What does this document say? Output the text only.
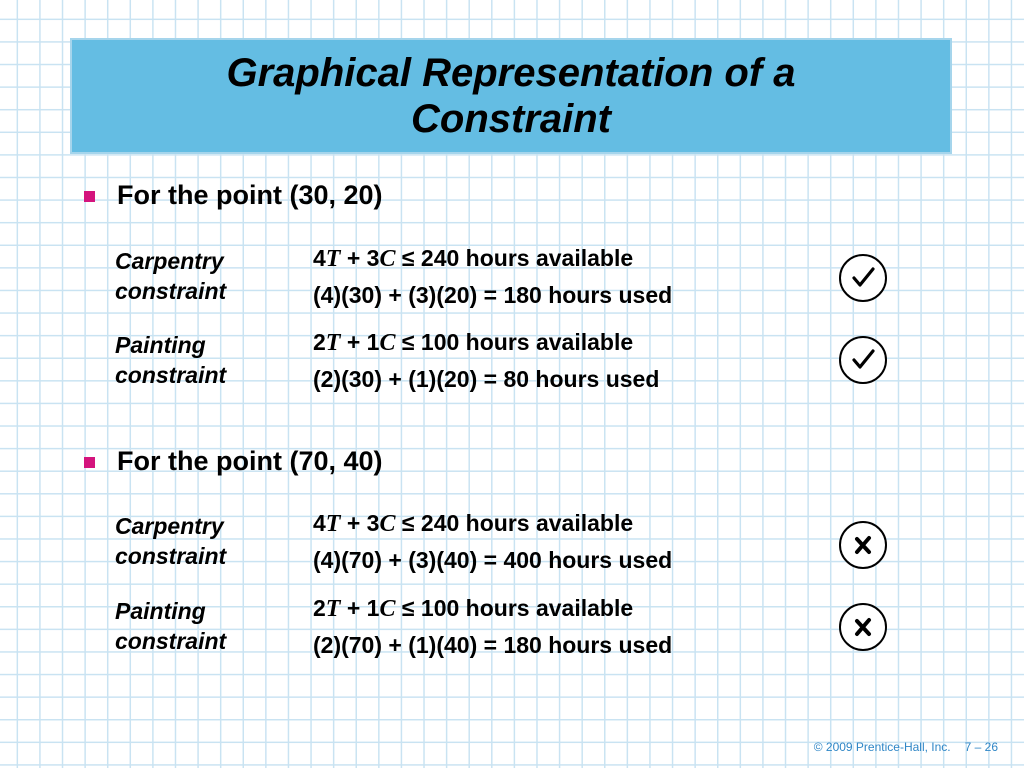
Graphical Representation of a
Constraint
For the point (30, 20)
Carpentry
constraint
4T + 3C ≤ 240 hours available
(4)(30) + (3)(20) = 180 hours used
Painting
constraint
2T + 1C ≤ 100 hours available
(2)(30) + (1)(20) = 80 hours used
For the point (70, 40)
Carpentry
constraint
4T + 3C ≤ 240 hours available
(4)(70) + (3)(40) = 400 hours used
Painting
constraint
2T + 1C ≤ 100 hours available
(2)(70) + (1)(40) = 180 hours used
© 2009 Prentice-Hall, Inc. 7 – 26
